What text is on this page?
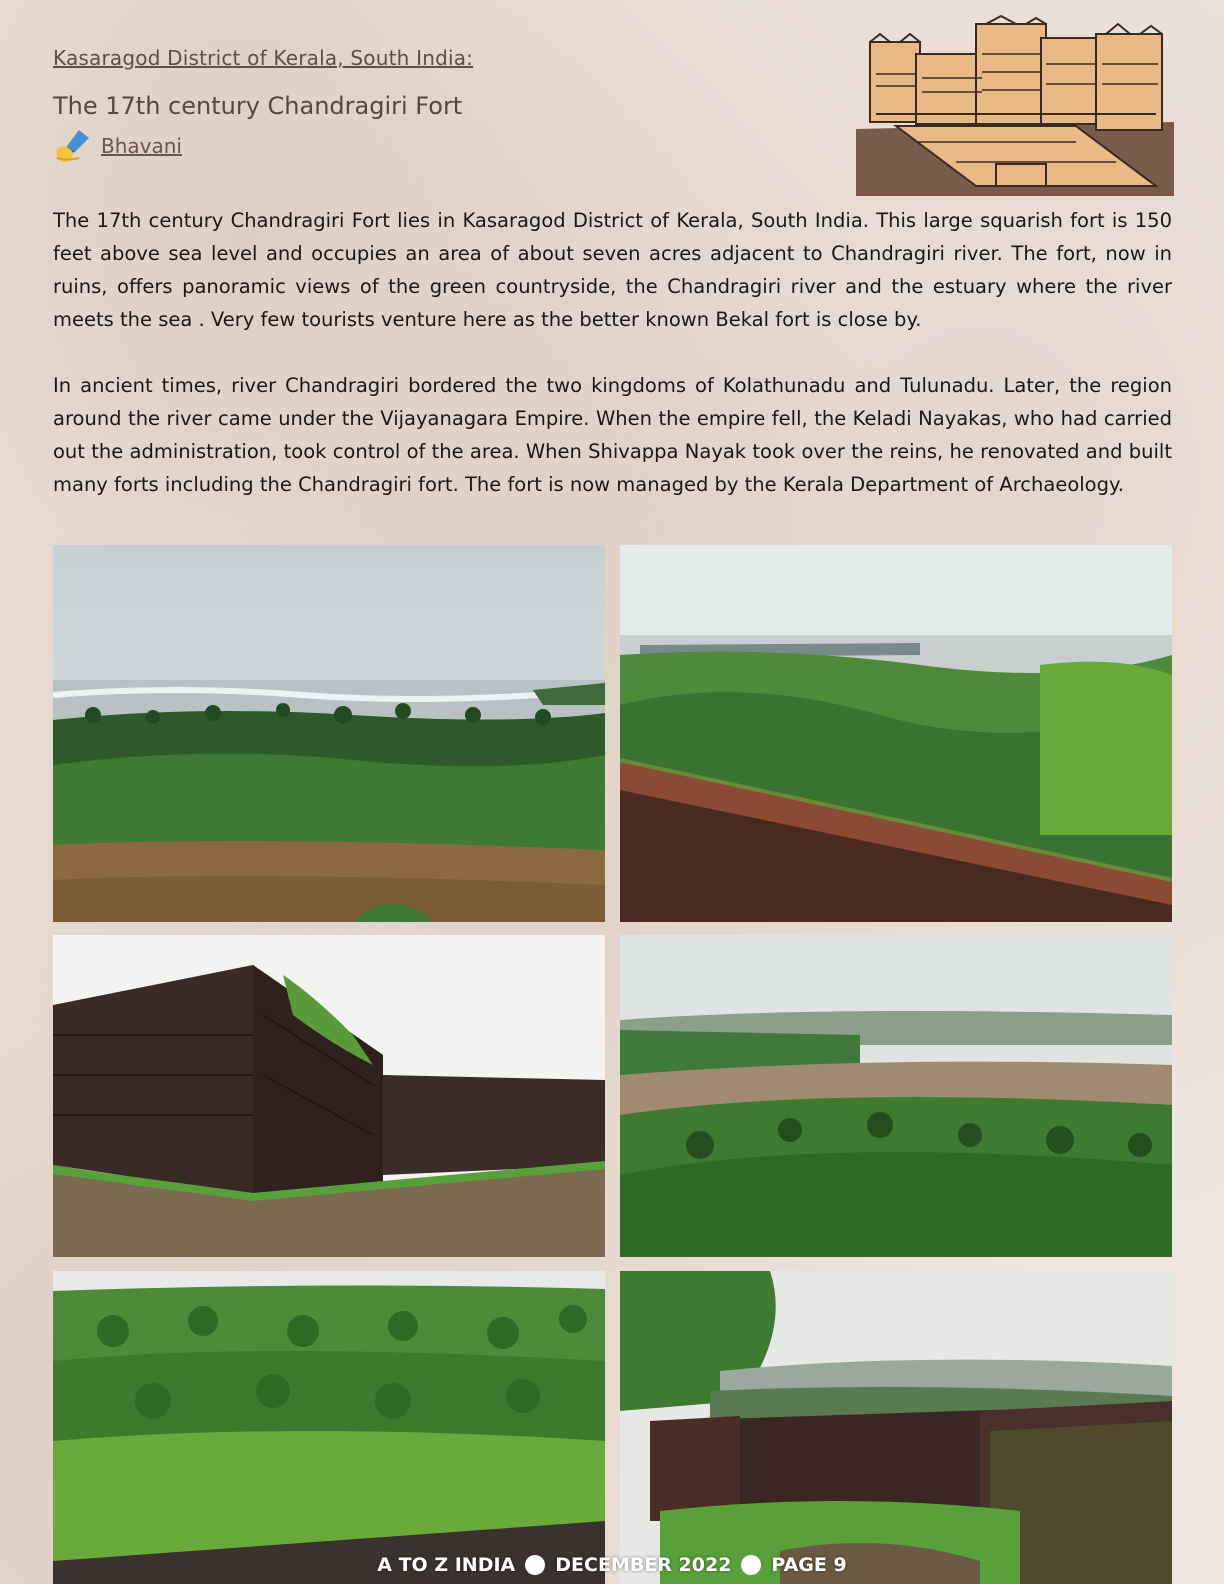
Kasaragod District of Kerala, South India:
The 17th century Chandragiri Fort
Bhavani
The 17th century Chandragiri Fort lies in Kasaragod District of Kerala, South India. This large squarish fort is 150 feet above sea level and occupies an area of about seven acres adjacent to Chandragiri river. The fort, now in ruins, offers panoramic views of the green countryside, the Chandragiri river and the estuary where the river meets the sea . Very few tourists venture here as the better known Bekal fort is close by.
In ancient times, river Chandragiri bordered the two kingdoms of Kolathunadu and Tulunadu. Later, the region around the river came under the Vijayanagara Empire. When the empire fell, the Keladi Nayakas, who had carried out the administration, took control of the area. When Shivappa Nayak took over the reins, he renovated and built many forts including the Chandragiri fort. The fort is now managed by the Kerala Department of Archaeology.
A TO Z INDIA DECEMBER 2022 PAGE 9
